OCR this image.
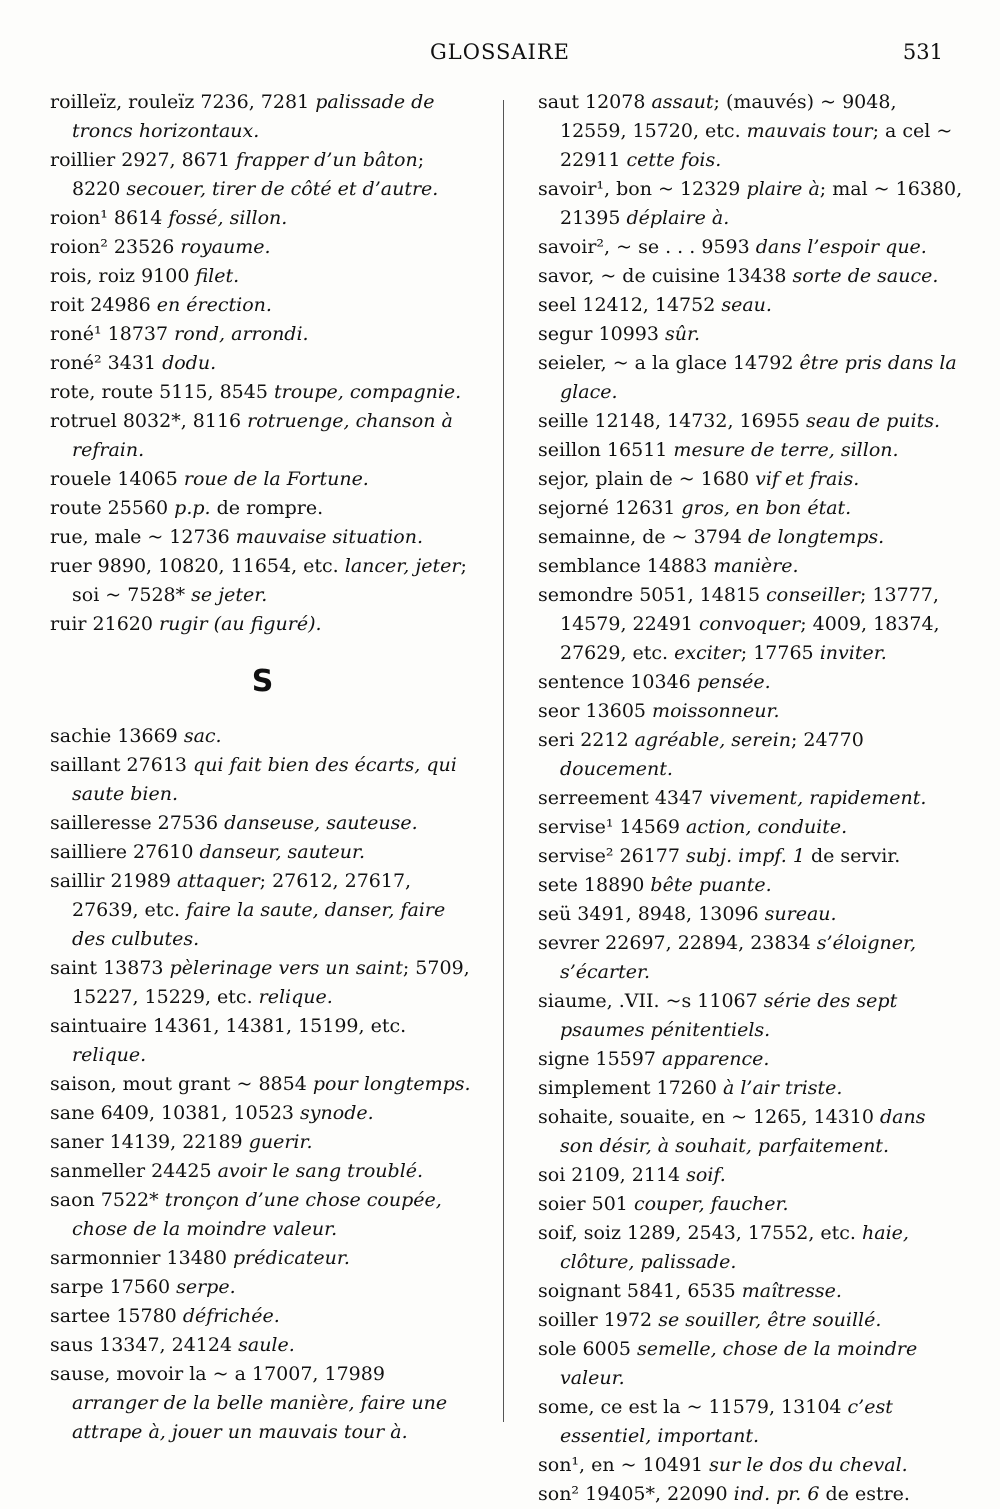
GLOSSAIRE	531

roilleïz, rouleïz 7236, 7281 palissade de troncs horizontaux.

roillier 2927, 8671 frapper d’un bâton; 8220 secouer, tirer de côté et d’autre.

roion¹ 8614 fossé, sillon.

roion² 23526 royaume.

rois, roiz 9100 filet.

roit 24986 en érection.

roné¹ 18737 rond, arrondi.

roné² 3431 dodu.

rote, route 5115, 8545 troupe, compagnie.

rotruel 8032*, 8116 rotruenge, chanson à refrain.

rouele 14065 roue de la Fortune.

route 25560 p.p. de rompre.

rue, male ~ 12736 mauvaise situation.

ruer 9890, 10820, 11654, etc. lancer, jeter; soi ~ 7528* se jeter.

ruir 21620 rugir (au figuré).

S

sachie 13669 sac.

saillant 27613 qui fait bien des écarts, qui saute bien.

sailleresse 27536 danseuse, sauteuse.

sailliere 27610 danseur, sauteur.

saillir 21989 attaquer; 27612, 27617, 27639, etc. faire la saute, danser, faire des culbutes.

saint 13873 pèlerinage vers un saint; 5709, 15227, 15229, etc. relique.

saintuaire 14361, 14381, 15199, etc. relique.

saison, mout grant ~ 8854 pour longtemps.

sane 6409, 10381, 10523 synode.

saner 14139, 22189 guerir.

sanmeller 24425 avoir le sang troublé.

saon 7522* tronçon d’une chose coupée, chose de la moindre valeur.

sarmonnier 13480 prédicateur.

sarpe 17560 serpe.

sartee 15780 défrichée.

saus 13347, 24124 saule.

sause, movoir la ~ a 17007, 17989 arranger de la belle manière, faire une attrape à, jouer un mauvais tour à.

saut 12078 assaut; (mauvés) ~ 9048, 12559, 15720, etc. mauvais tour; a cel ~ 22911 cette fois.

savoir¹, bon ~ 12329 plaire à; mal ~ 16380, 21395 déplaire à.

savoir², ~ se . . . 9593 dans l’espoir que.

savor, ~ de cuisine 13438 sorte de sauce.

seel 12412, 14752 seau.

segur 10993 sûr.

seieler, ~ a la glace 14792 être pris dans la glace.

seille 12148, 14732, 16955 seau de puits.

seillon 16511 mesure de terre, sillon.

sejor, plain de ~ 1680 vif et frais.

sejorné 12631 gros, en bon état.

semainne, de ~ 3794 de longtemps.

semblance 14883 manière.

semondre 5051, 14815 conseiller; 13777, 14579, 22491 convoquer; 4009, 18374, 27629, etc. exciter; 17765 inviter.

sentence 10346 pensée.

seor 13605 moissonneur.

seri 2212 agréable, serein; 24770 doucement.

serreement 4347 vivement, rapidement.

servise¹ 14569 action, conduite.

servise² 26177 subj. impf. 1 de servir.

sete 18890 bête puante.

seü 3491, 8948, 13096 sureau.

sevrer 22697, 22894, 23834 s’éloigner, s’écarter.

siaume, .VII. ~s 11067 série des sept psaumes pénitentiels.

signe 15597 apparence.

simplement 17260 à l’air triste.

sohaite, souaite, en ~ 1265, 14310 dans son désir, à souhait, parfaitement.

soi 2109, 2114 soif.

soier 501 couper, faucher.

soif, soiz 1289, 2543, 17552, etc. haie, clôture, palissade.

soignant 5841, 6535 maîtresse.

soiller 1972 se souiller, être souillé.

sole 6005 semelle, chose de la moindre valeur.

some, ce est la ~ 11579, 13104 c’est essentiel, important.

son¹, en ~ 10491 sur le dos du cheval.

son² 19405*, 22090 ind. pr. 6 de estre.
